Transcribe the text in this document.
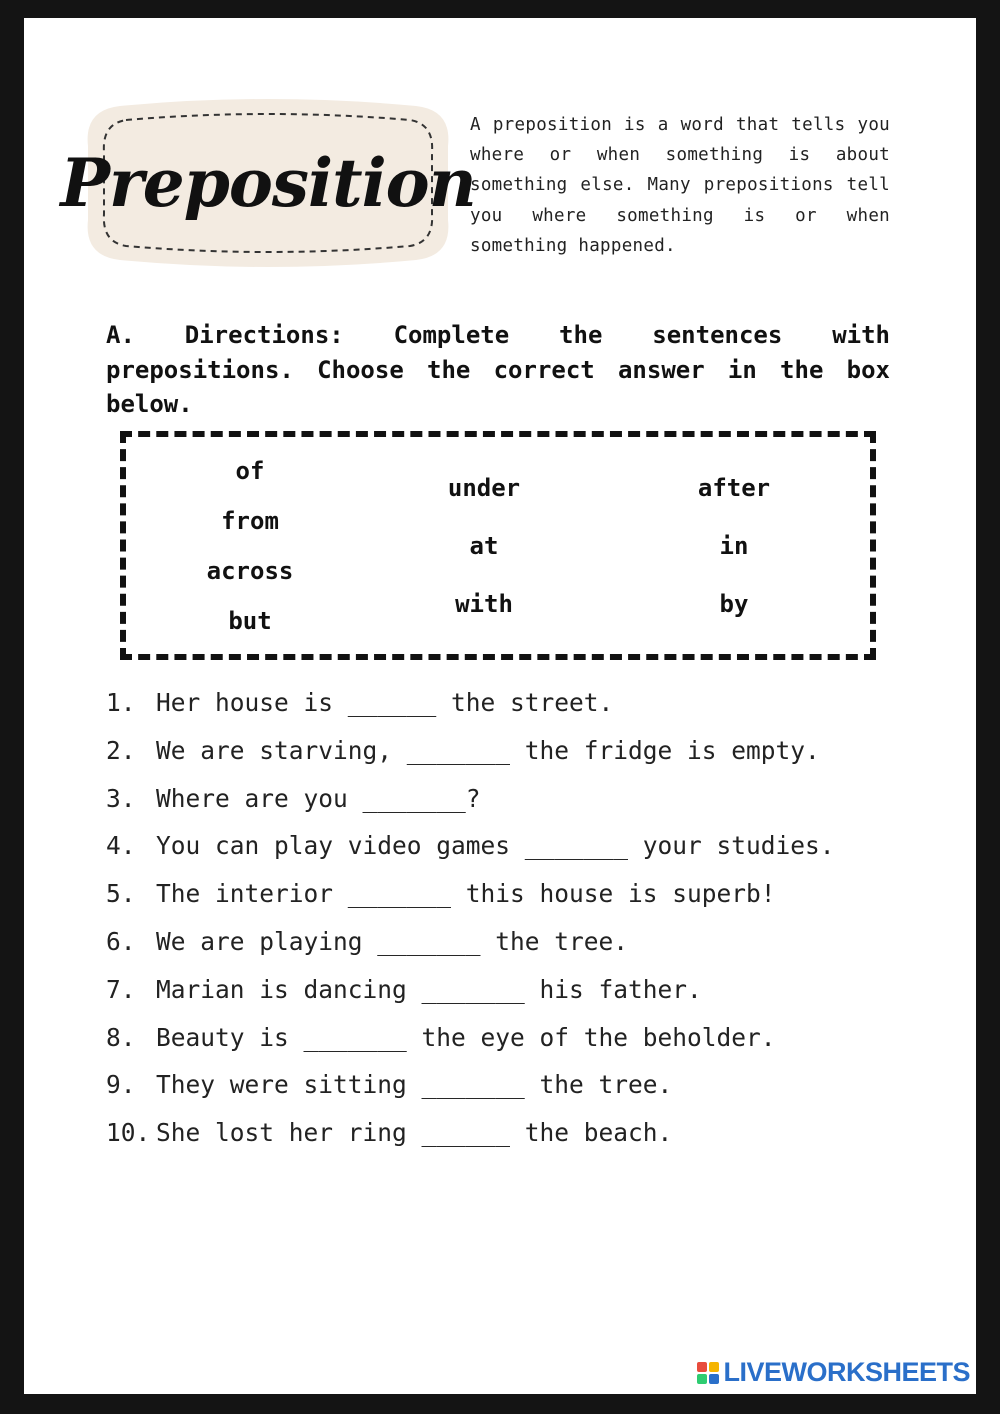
Preposition

A preposition is a word that tells you where or when something is about something else. Many prepositions tell you where something is or when something happened.

A. Directions: Complete the sentences with prepositions. Choose the correct answer in the box below.

of
from
across
but
under
at
with
after
in
by
1. Her house is ______ the street.
2. We are starving, _______ the fridge is empty.
3. Where are you _______?
4. You can play video games _______ your studies.
5. The interior _______ this house is superb!
6. We are playing _______ the tree.
7. Marian is dancing _______ his father.
8. Beauty is _______ the eye of the beholder.
9. They were sitting _______ the tree.
10. She lost her ring ______ the beach.
LIVEWORKSHEETS
